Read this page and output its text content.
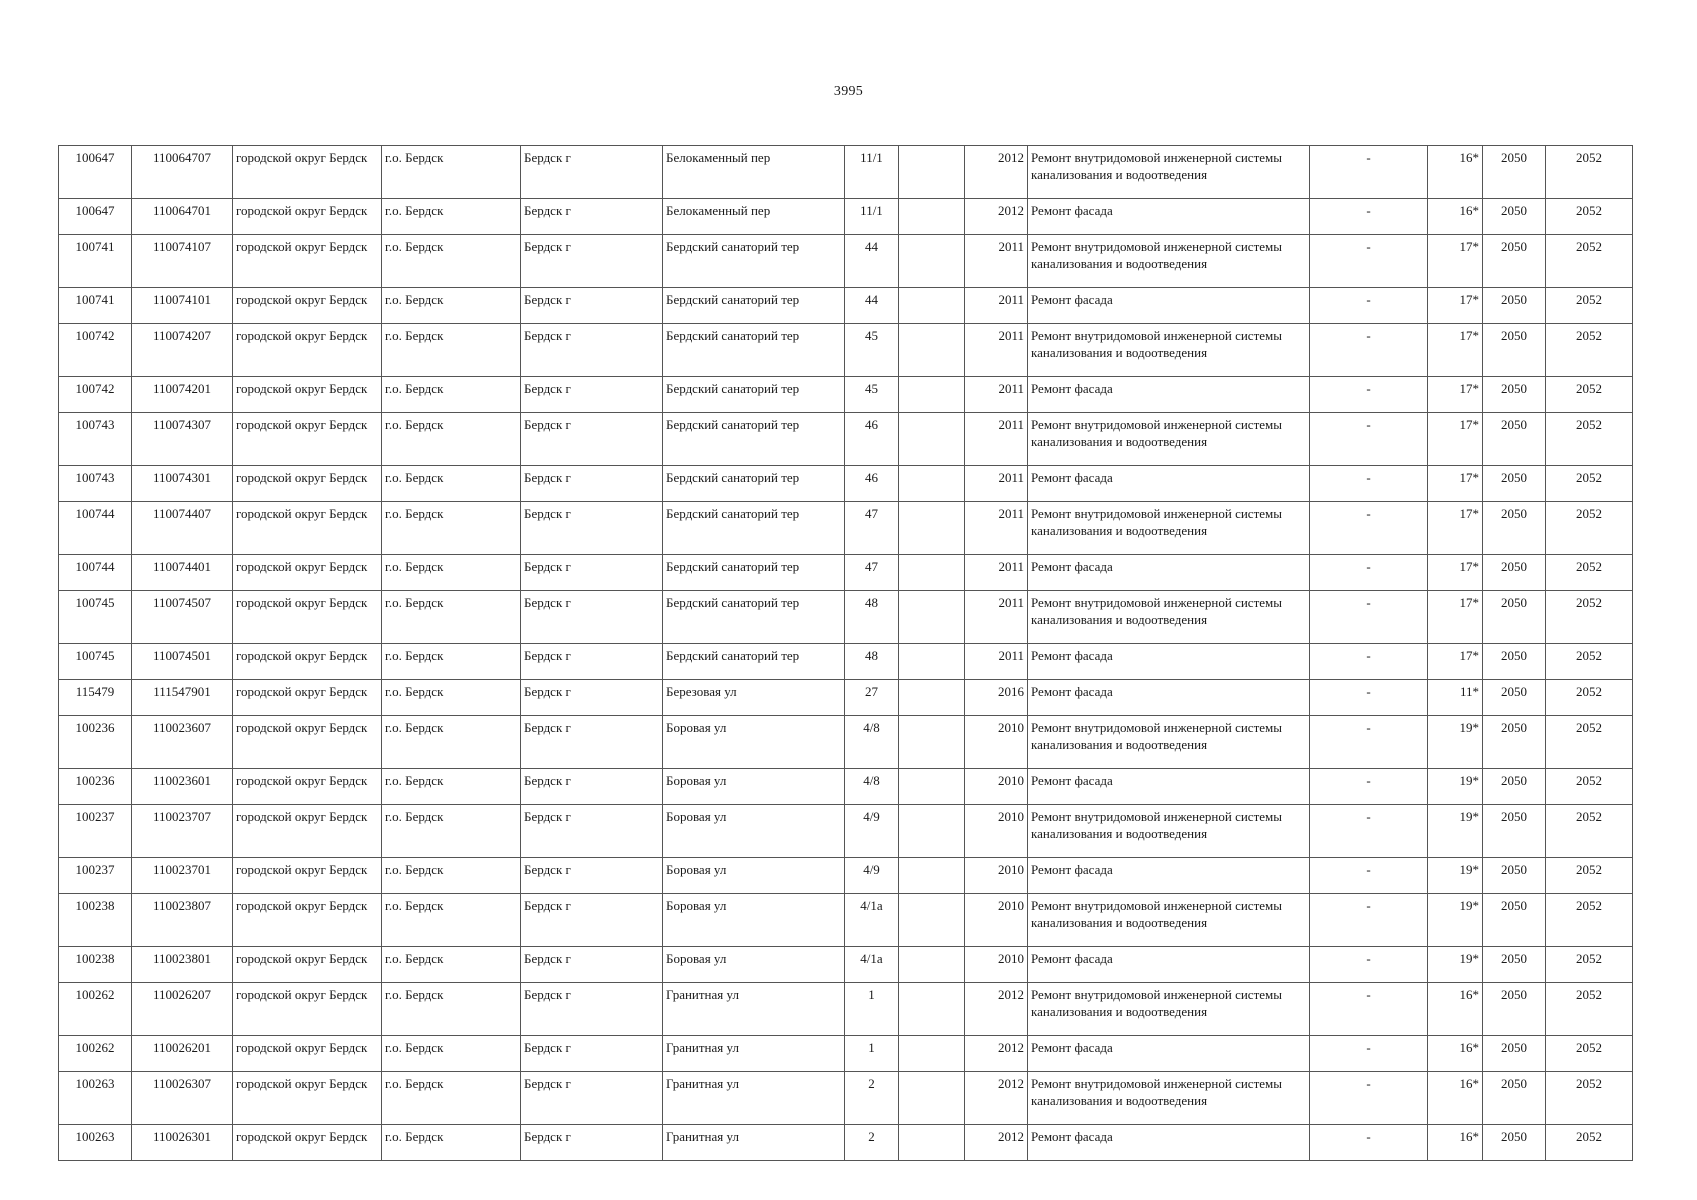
3995
100647	110064707	городской округ Бердск	г.о. Бердск	Бердск г	Белокаменный пер	11/1		2012	Ремонт внутридомовой инженерной системы канализования и водоотведения	-	16*	2050	2052
100647	110064701	городской округ Бердск	г.о. Бердск	Бердск г	Белокаменный пер	11/1		2012	Ремонт фасада	-	16*	2050	2052
100741	110074107	городской округ Бердск	г.о. Бердск	Бердск г	Бердский санаторий тер	44		2011	Ремонт внутридомовой инженерной системы канализования и водоотведения	-	17*	2050	2052
100741	110074101	городской округ Бердск	г.о. Бердск	Бердск г	Бердский санаторий тер	44		2011	Ремонт фасада	-	17*	2050	2052
100742	110074207	городской округ Бердск	г.о. Бердск	Бердск г	Бердский санаторий тер	45		2011	Ремонт внутридомовой инженерной системы канализования и водоотведения	-	17*	2050	2052
100742	110074201	городской округ Бердск	г.о. Бердск	Бердск г	Бердский санаторий тер	45		2011	Ремонт фасада	-	17*	2050	2052
100743	110074307	городской округ Бердск	г.о. Бердск	Бердск г	Бердский санаторий тер	46		2011	Ремонт внутридомовой инженерной системы канализования и водоотведения	-	17*	2050	2052
100743	110074301	городской округ Бердск	г.о. Бердск	Бердск г	Бердский санаторий тер	46		2011	Ремонт фасада	-	17*	2050	2052
100744	110074407	городской округ Бердск	г.о. Бердск	Бердск г	Бердский санаторий тер	47		2011	Ремонт внутридомовой инженерной системы канализования и водоотведения	-	17*	2050	2052
100744	110074401	городской округ Бердск	г.о. Бердск	Бердск г	Бердский санаторий тер	47		2011	Ремонт фасада	-	17*	2050	2052
100745	110074507	городской округ Бердск	г.о. Бердск	Бердск г	Бердский санаторий тер	48		2011	Ремонт внутридомовой инженерной системы канализования и водоотведения	-	17*	2050	2052
100745	110074501	городской округ Бердск	г.о. Бердск	Бердск г	Бердский санаторий тер	48		2011	Ремонт фасада	-	17*	2050	2052
115479	111547901	городской округ Бердск	г.о. Бердск	Бердск г	Березовая ул	27		2016	Ремонт фасада	-	11*	2050	2052
100236	110023607	городской округ Бердск	г.о. Бердск	Бердск г	Боровая ул	4/8		2010	Ремонт внутридомовой инженерной системы канализования и водоотведения	-	19*	2050	2052
100236	110023601	городской округ Бердск	г.о. Бердск	Бердск г	Боровая ул	4/8		2010	Ремонт фасада	-	19*	2050	2052
100237	110023707	городской округ Бердск	г.о. Бердск	Бердск г	Боровая ул	4/9		2010	Ремонт внутридомовой инженерной системы канализования и водоотведения	-	19*	2050	2052
100237	110023701	городской округ Бердск	г.о. Бердск	Бердск г	Боровая ул	4/9		2010	Ремонт фасада	-	19*	2050	2052
100238	110023807	городской округ Бердск	г.о. Бердск	Бердск г	Боровая ул	4/1а		2010	Ремонт внутридомовой инженерной системы канализования и водоотведения	-	19*	2050	2052
100238	110023801	городской округ Бердск	г.о. Бердск	Бердск г	Боровая ул	4/1а		2010	Ремонт фасада	-	19*	2050	2052
100262	110026207	городской округ Бердск	г.о. Бердск	Бердск г	Гранитная ул	1		2012	Ремонт внутридомовой инженерной системы канализования и водоотведения	-	16*	2050	2052
100262	110026201	городской округ Бердск	г.о. Бердск	Бердск г	Гранитная ул	1		2012	Ремонт фасада	-	16*	2050	2052
100263	110026307	городской округ Бердск	г.о. Бердск	Бердск г	Гранитная ул	2		2012	Ремонт внутридомовой инженерной системы канализования и водоотведения	-	16*	2050	2052
100263	110026301	городской округ Бердск	г.о. Бердск	Бердск г	Гранитная ул	2		2012	Ремонт фасада	-	16*	2050	2052
